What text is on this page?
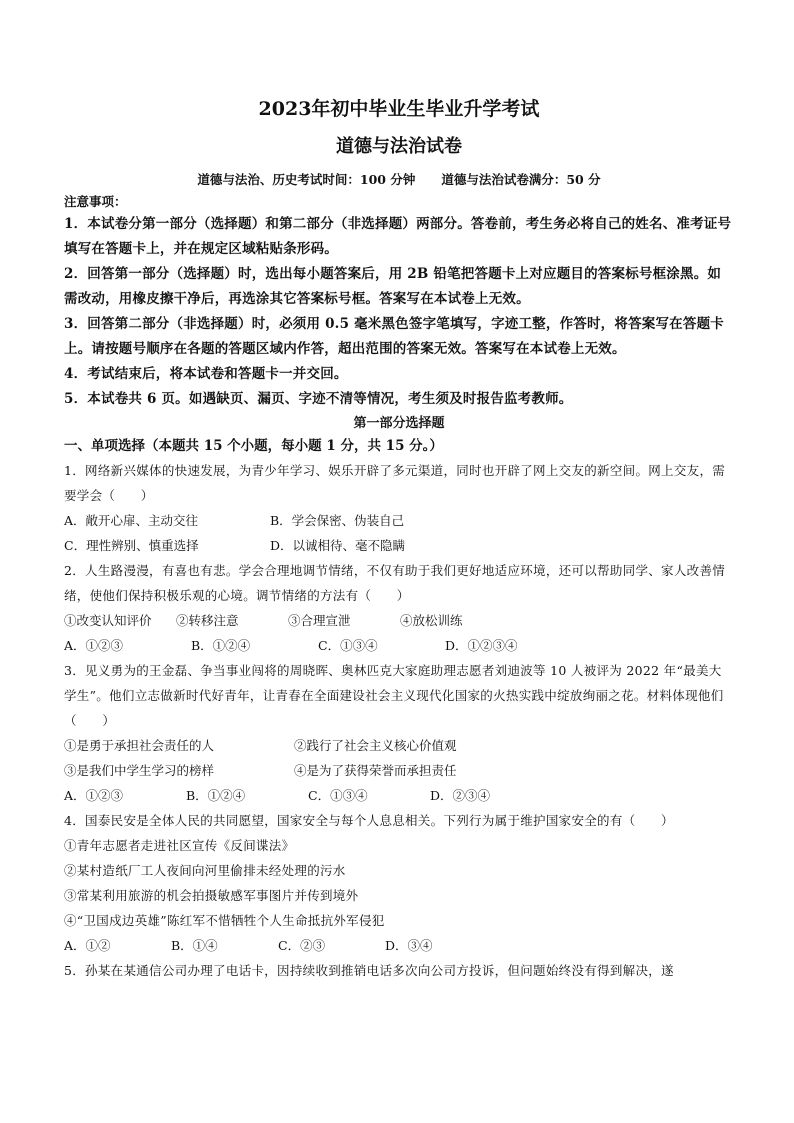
2023年初中毕业生毕业升学考试
道德与法治试卷
道德与法治、历史考试时间：100 分钟 道德与法治试卷满分：50 分
注意事项：

1．本试卷分第一部分（选择题）和第二部分（非选择题）两部分。答卷前，考生务必将自己的姓名、准考证号填写在答题卡上，并在规定区域粘贴条形码。

2．回答第一部分（选择题）时，选出每小题答案后，用 2B 铅笔把答题卡上对应题目的答案标号框涂黑。如需改动，用橡皮擦干净后，再选涂其它答案标号框。答案写在本试卷上无效。

3．回答第二部分（非选择题）时，必须用 0.5 毫米黑色签字笔填写，字迹工整，作答时，将答案写在答题卡上。请按题号顺序在各题的答题区域内作答，超出范围的答案无效。答案写在本试卷上无效。

4．考试结束后，将本试卷和答题卡一并交回。

5．本试卷共 6 页。如遇缺页、漏页、字迹不清等情况，考生须及时报告监考教师。

第一部分选择题
一、单项选择（本题共 15 个小题，每小题 1 分，共 15 分。）

1．网络新兴媒体的快速发展，为青少年学习、娱乐开辟了多元渠道，同时也开辟了网上交友的新空间。网上交友，需要学会（　　）

A．敞开心扉、主动交往	B．学会保密、伪装自己
C．理性辨别、慎重选择	D．以诚相待、毫不隐瞒

2．人生路漫漫，有喜也有悲。学会合理地调节情绪，不仅有助于我们更好地适应环境，还可以帮助同学、家人改善情绪，使他们保持积极乐观的心境。调节情绪的方法有（　　）

①改变认知评价	②转移注意	③合理宣泄	④放松训练
A．①②③	B．①②④	C．①③④	D．①②③④

3．见义勇为的王金磊、争当事业闯将的周晓晖、奥林匹克大家庭助理志愿者刘迪波等 10 人被评为 2022 年“最美大学生”。他们立志做新时代好青年，让青春在全面建设社会主义现代化国家的火热实践中绽放绚丽之花。材料体现他们（　　）

①是勇于承担社会责任的人	②践行了社会主义核心价值观
③是我们中学生学习的榜样	④是为了获得荣誉而承担责任
A．①②③	B．①②④	C．①③④	D．②③④

4．国泰民安是全体人民的共同愿望，国家安全与每个人息息相关。下列行为属于维护国家安全的有（　　）

①青年志愿者走进社区宣传《反间谍法》

②某村造纸厂工人夜间向河里偷排未经处理的污水

③常某利用旅游的机会拍摄敏感军事图片并传到境外

④“卫国戍边英雄”陈红军不惜牺牲个人生命抵抗外军侵犯

A．①②	B．①④	C．②③	D．③④

5．孙某在某通信公司办理了电话卡，因持续收到推销电话多次向公司方投诉，但问题始终没有得到解决，遂
